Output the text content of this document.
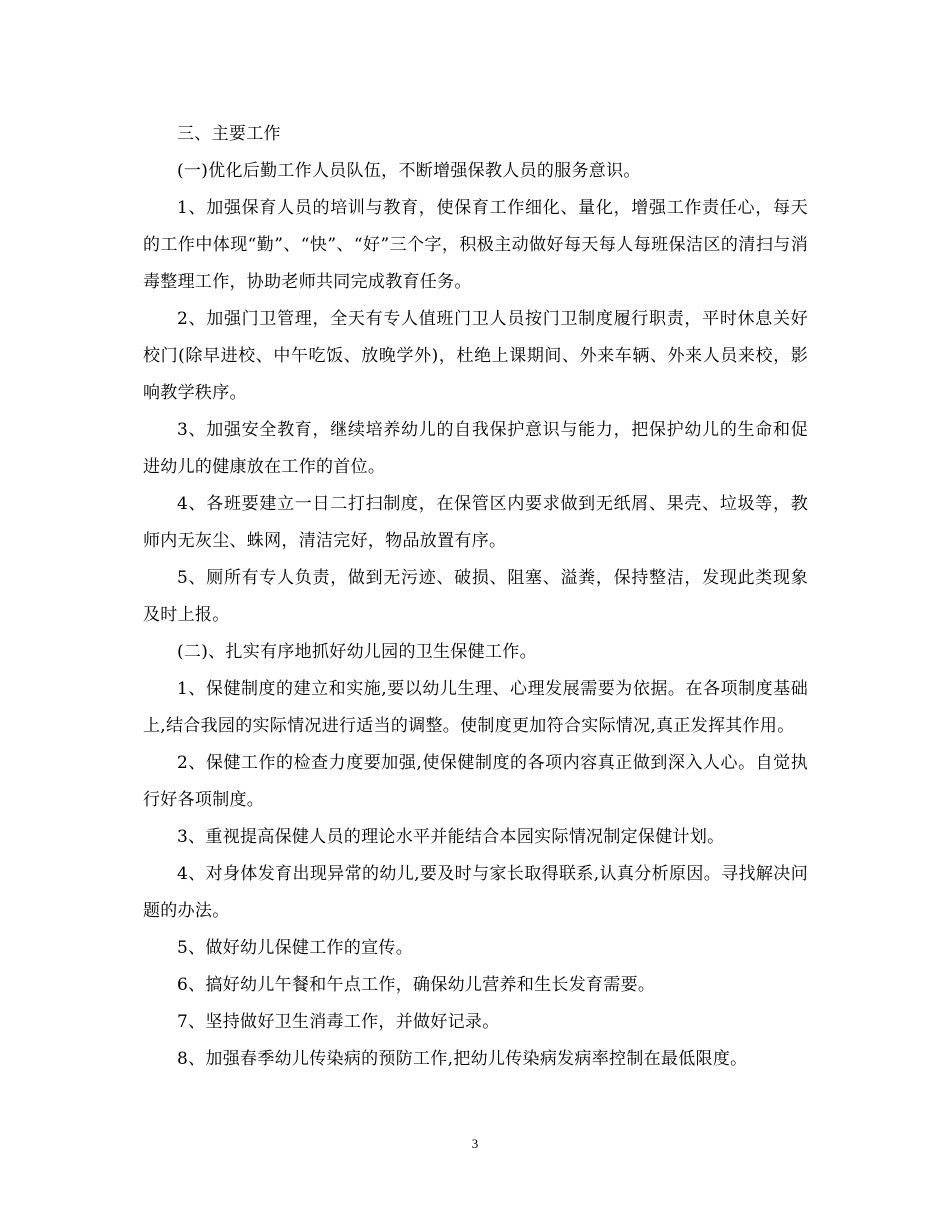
三、主要工作

(一)优化后勤工作人员队伍，不断增强保教人员的服务意识。

1、加强保育人员的培训与教育，使保育工作细化、量化，增强工作责任心，每天的工作中体现“勤”、“快”、“好”三个字，积极主动做好每天每人每班保洁区的清扫与消毒整理工作，协助老师共同完成教育任务。

2、加强门卫管理，全天有专人值班门卫人员按门卫制度履行职责，平时休息关好校门(除早进校、中午吃饭、放晚学外)，杜绝上课期间、外来车辆、外来人员来校，影响教学秩序。

3、加强安全教育，继续培养幼儿的自我保护意识与能力，把保护幼儿的生命和促进幼儿的健康放在工作的首位。

4、各班要建立一日二打扫制度，在保管区内要求做到无纸屑、果壳、垃圾等，教师内无灰尘、蛛网，清洁完好，物品放置有序。

5、厕所有专人负责，做到无污迹、破损、阻塞、溢粪，保持整洁，发现此类现象及时上报。

(二)、扎实有序地抓好幼儿园的卫生保健工作。

1、保健制度的建立和实施,要以幼儿生理、心理发展需要为依据。在各项制度基础上,结合我园的实际情况进行适当的调整。使制度更加符合实际情况,真正发挥其作用。

2、保健工作的检查力度要加强,使保健制度的各项内容真正做到深入人心。自觉执行好各项制度。

3、重视提高保健人员的理论水平并能结合本园实际情况制定保健计划。

4、对身体发育出现异常的幼儿,要及时与家长取得联系,认真分析原因。寻找解决问题的办法。

5、做好幼儿保健工作的宣传。

6、搞好幼儿午餐和午点工作，确保幼儿营养和生长发育需要。

7、坚持做好卫生消毒工作，并做好记录。

8、加强春季幼儿传染病的预防工作,把幼儿传染病发病率控制在最低限度。

3
